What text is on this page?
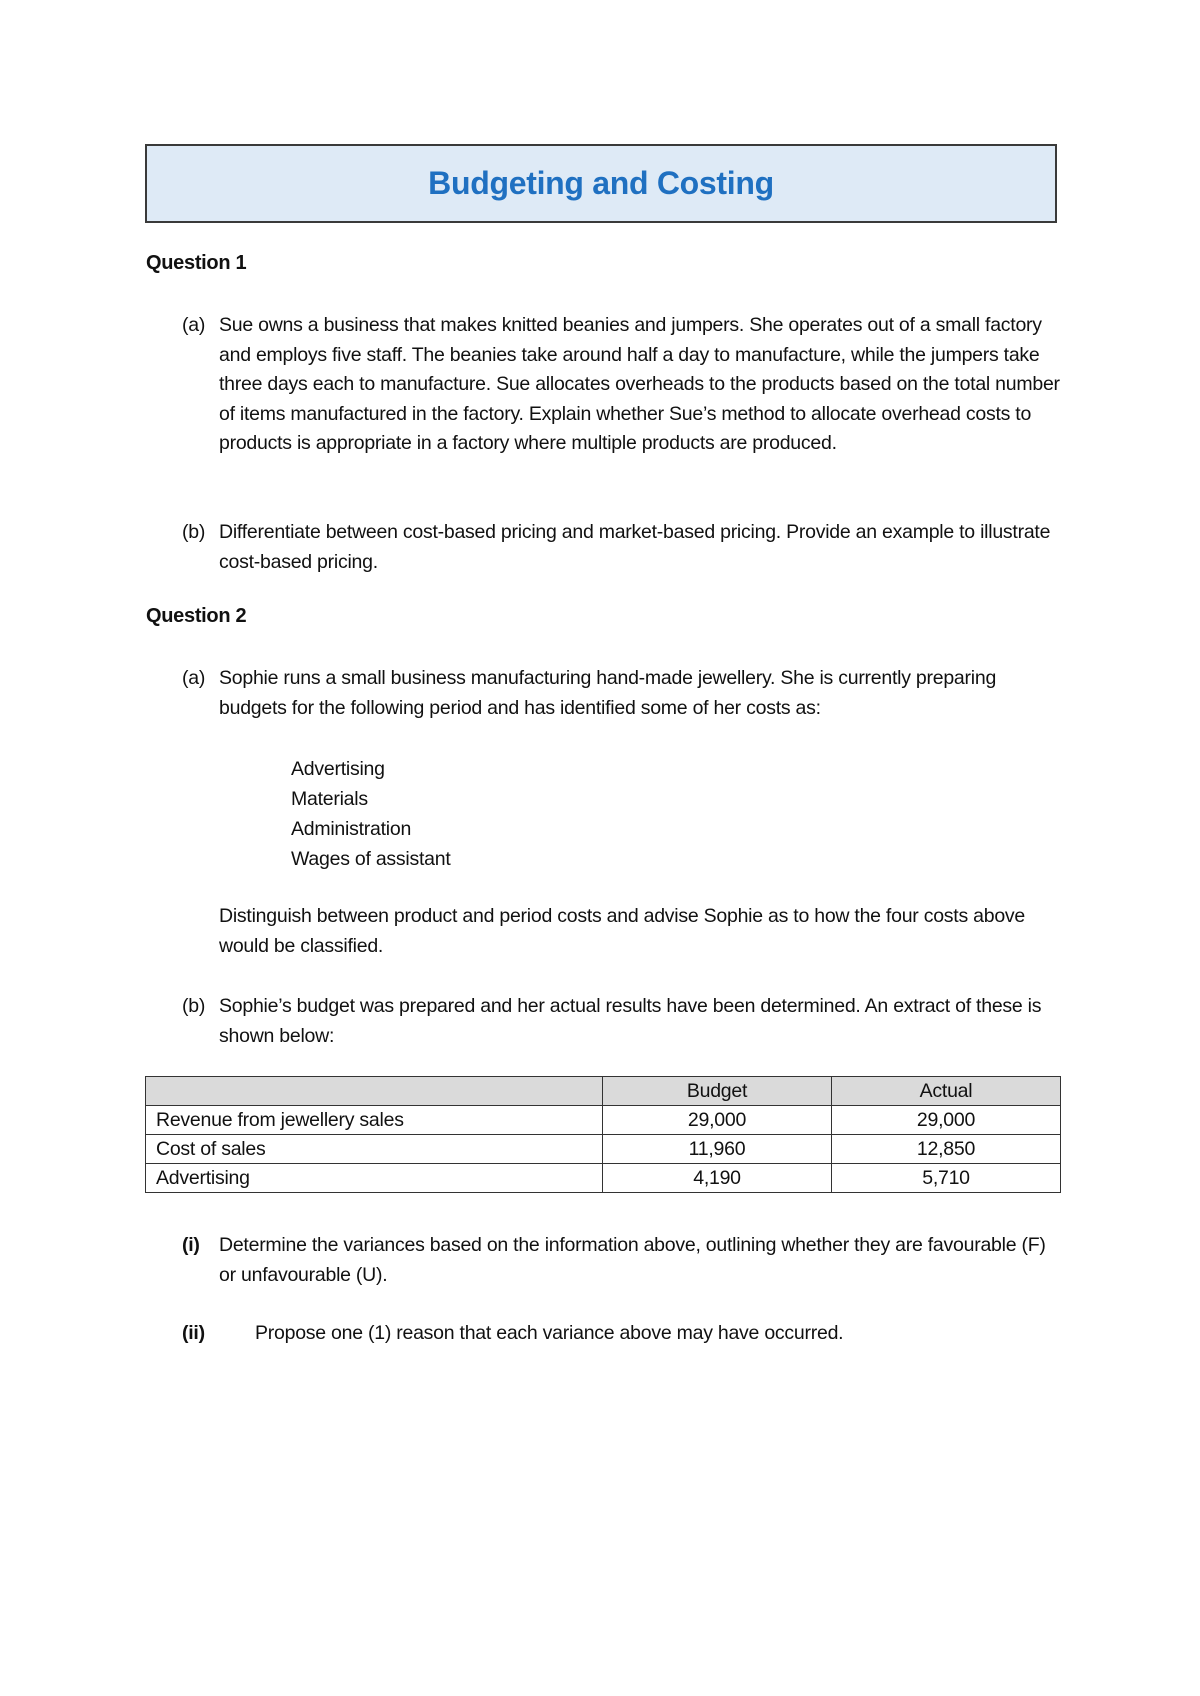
Budgeting and Costing
Question 1
(a) Sue owns a business that makes knitted beanies and jumpers. She operates out of a small factory and employs five staff. The beanies take around half a day to manufacture, while the jumpers take three days each to manufacture. Sue allocates overheads to the products based on the total number of items manufactured in the factory. Explain whether Sue’s method to allocate overhead costs to products is appropriate in a factory where multiple products are produced.
(b) Differentiate between cost-based pricing and market-based pricing. Provide an example to illustrate cost-based pricing.
Question 2
(a) Sophie runs a small business manufacturing hand-made jewellery. She is currently preparing budgets for the following period and has identified some of her costs as:
Advertising
Materials
Administration
Wages of assistant
Distinguish between product and period costs and advise Sophie as to how the four costs above would be classified.
(b) Sophie’s budget was prepared and her actual results have been determined. An extract of these is shown below:
	Budget	Actual
Revenue from jewellery sales	29,000	29,000
Cost of sales	11,960	12,850
Advertising	4,190	5,710
(i) Determine the variances based on the information above, outlining whether they are favourable (F) or unfavourable (U).
(ii)	Propose one (1) reason that each variance above may have occurred.
